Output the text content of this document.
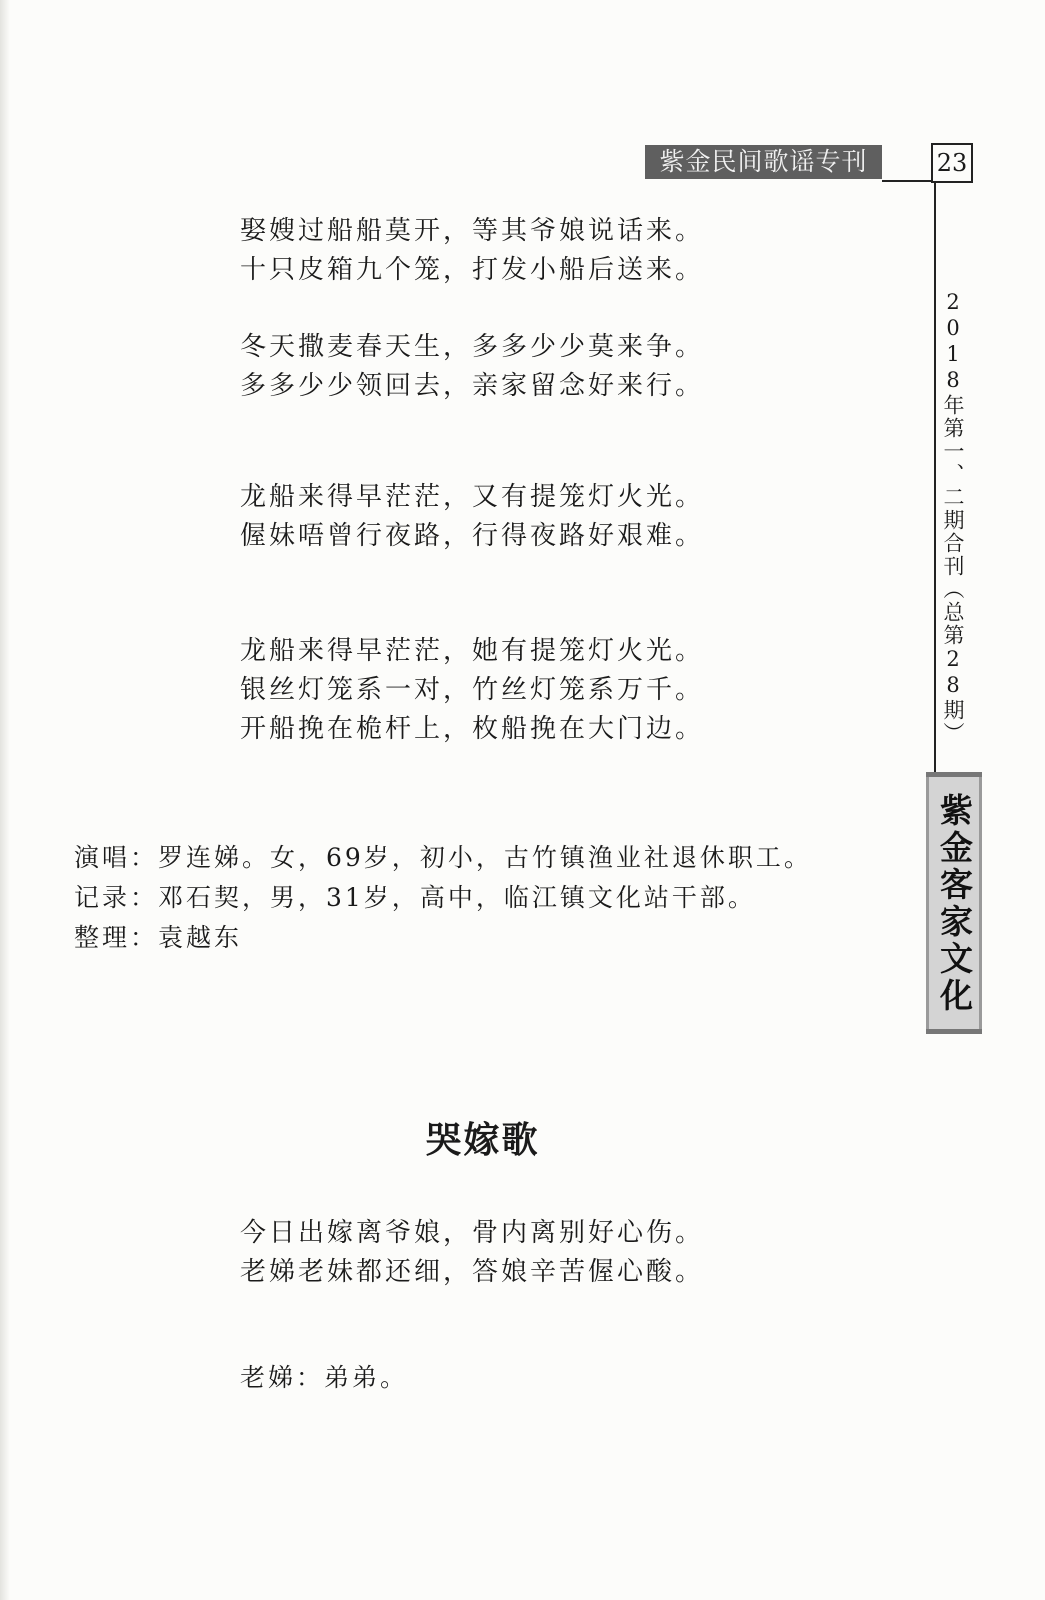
紫金民间歌谣专刊	23
2018年第一、二期合刊（总第28期）
紫金客家文化
娶嫂过船船莫开，等其爷娘说话来。
十只皮箱九个笼，打发小船后送来。
冬天撒麦春天生，多多少少莫来争。
多多少少领回去，亲家留念好来行。
龙船来得早茫茫，又有提笼灯火光。
偓妹唔曾行夜路，行得夜路好艰难。
龙船来得早茫茫，她有提笼灯火光。
银丝灯笼系一对，竹丝灯笼系万千。
开船挽在桅杆上，枚船挽在大门边。
演唱：罗连娣。女，69岁，初小，古竹镇渔业社退休职工。
记录：邓石契，男，31岁，高中，临江镇文化站干部。
整理：袁越东
哭嫁歌
今日出嫁离爷娘，骨内离别好心伤。
老娣老妹都还细，答娘辛苦偓心酸。
老娣：弟弟。
